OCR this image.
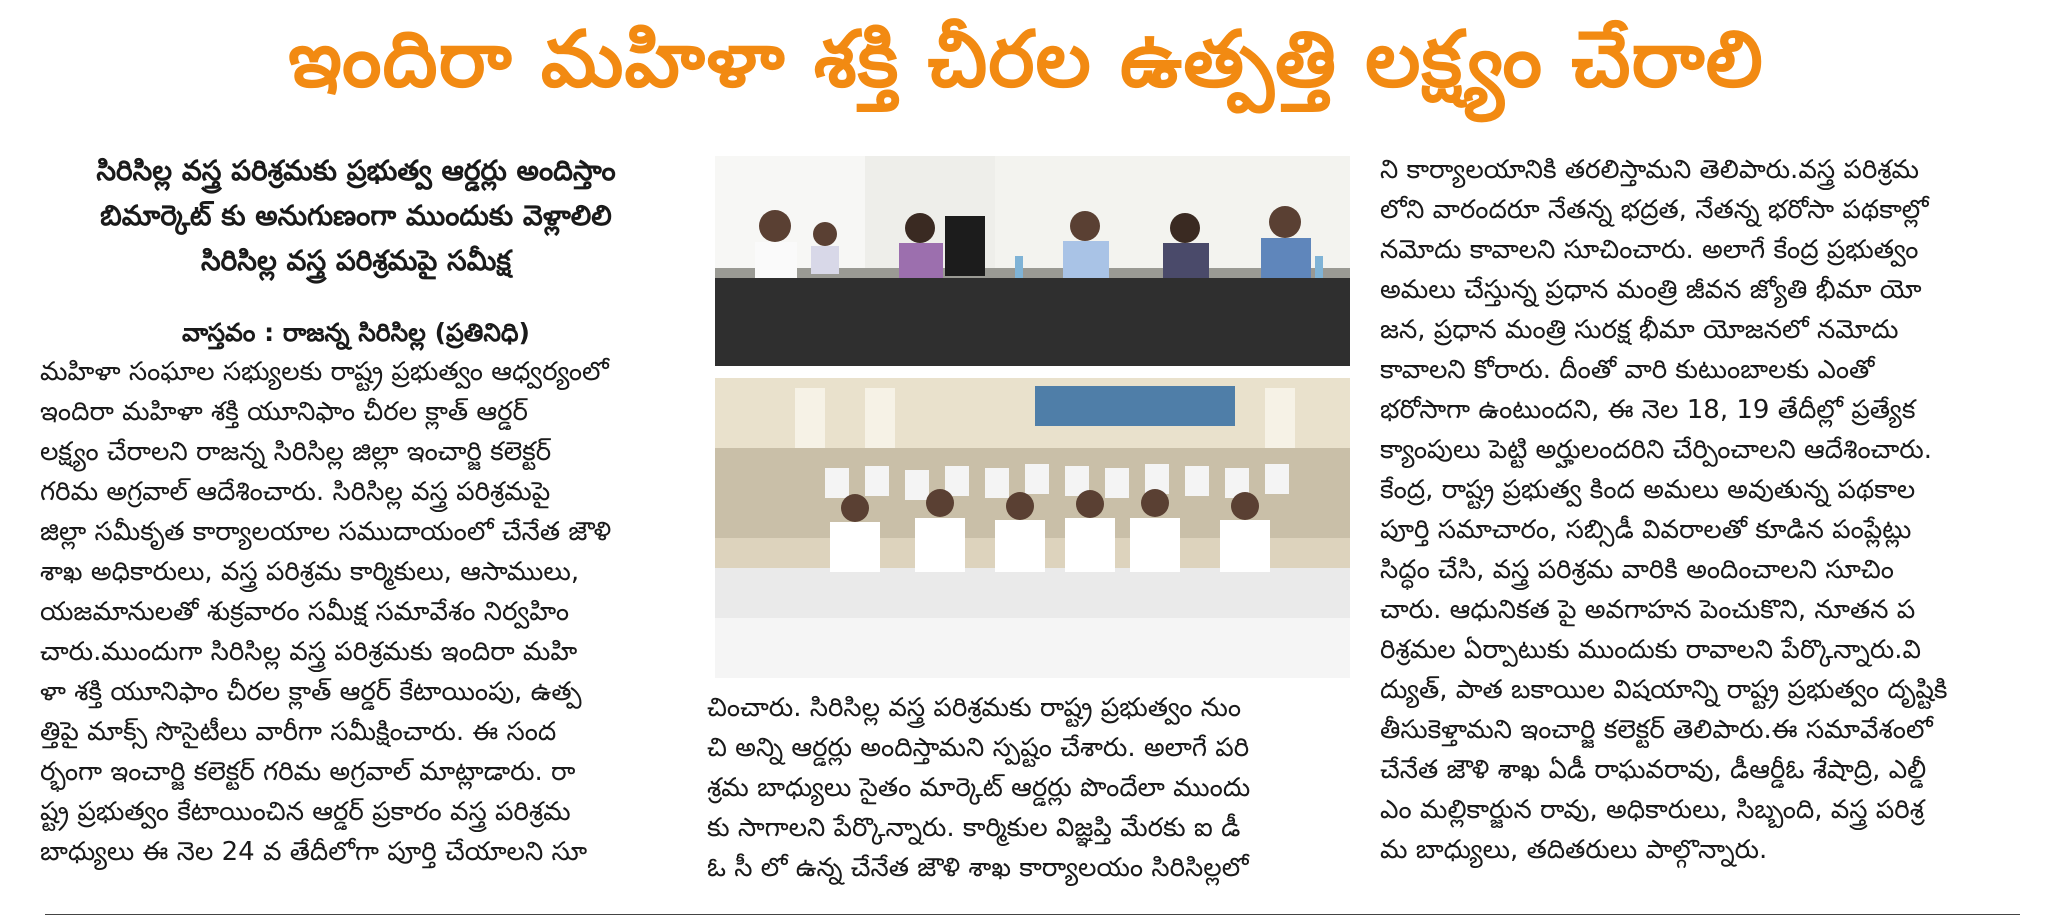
ఇందిరా మహిళా శక్తి చీరల ఉత్పత్తి లక్ష్యం చేరాలి
సిరిసిల్ల వస్త్ర పరిశ్రమకు ప్రభుత్వ ఆర్డర్లు అందిస్తాం
బిమార్కెట్ కు అనుగుణంగా ముందుకు వెళ్లాలిలి
సిరిసిల్ల వస్త్ర పరిశ్రమపై సమీక్ష
వాస్తవం : రాజన్న సిరిసిల్ల (ప్రతినిధి)
మహిళా సంఘాల సభ్యులకు రాష్ట్ర ప్రభుత్వం ఆధ్వర్యంలో
ఇందిరా మహిళా శక్తి యూనిఫాం చీరల క్లాత్ ఆర్డర్
లక్ష్యం చేరాలని రాజన్న సిరిసిల్ల జిల్లా ఇంచార్జి కలెక్టర్
గరిమ అగ్రవాల్ ఆదేశించారు. సిరిసిల్ల వస్త్ర పరిశ్రమపై
జిల్లా సమీకృత కార్యాలయాల సముదాయంలో చేనేత జౌళి
శాఖ అధికారులు, వస్త్ర పరిశ్రమ కార్మికులు, ఆసాములు,
యజమానులతో శుక్రవారం సమీక్ష సమావేశం నిర్వహిం
చారు.ముందుగా సిరిసిల్ల వస్త్ర పరిశ్రమకు ఇందిరా మహి
ళా శక్తి యూనిఫాం చీరల క్లాత్ ఆర్డర్ కేటాయింపు, ఉత్ప
త్తిపై మాక్స్ సొసైటీలు వారీగా సమీక్షించారు. ఈ సంద
ర్భంగా ఇంచార్జి కలెక్టర్ గరిమ అగ్రవాల్ మాట్లాడారు. రా
ష్ట్ర ప్రభుత్వం కేటాయించిన ఆర్డర్ ప్రకారం వస్త్ర పరిశ్రమ
బాధ్యులు ఈ నెల 24 వ తేదీలోగా పూర్తి చేయాలని సూ
చించారు. సిరిసిల్ల వస్త్ర పరిశ్రమకు రాష్ట్ర ప్రభుత్వం నుం
చి అన్ని ఆర్డర్లు అందిస్తామని స్పష్టం చేశారు. అలాగే పరి
శ్రమ బాధ్యులు సైతం మార్కెట్ ఆర్డర్లు పొందేలా ముందు
కు సాగాలని పేర్కొన్నారు. కార్మికుల విజ్ఞప్తి మేరకు ఐ డీ
ఓ సీ లో ఉన్న చేనేత జౌళి శాఖ కార్యాలయం సిరిసిల్లలో
ని కార్యాలయానికి తరలిస్తామని తెలిపారు.వస్త్ర పరిశ్రమ
లోని వారందరూ నేతన్న భద్రత, నేతన్న భరోసా పథకాల్లో
నమోదు కావాలని సూచించారు. అలాగే కేంద్ర ప్రభుత్వం
అమలు చేస్తున్న ప్రధాన మంత్రి జీవన జ్యోతి భీమా యో
జన, ప్రధాన మంత్రి సురక్ష భీమా యోజనలో నమోదు
కావాలని కోరారు. దీంతో వారి కుటుంబాలకు ఎంతో
భరోసాగా ఉంటుందని, ఈ నెల 18, 19 తేదీల్లో ప్రత్యేక
క్యాంపులు పెట్టి అర్హులందరిని చేర్పించాలని ఆదేశించారు.
కేంద్ర, రాష్ట్ర ప్రభుత్వ కింద అమలు అవుతున్న పథకాల
పూర్తి సమాచారం, సబ్సిడీ వివరాలతో కూడిన పంప్లేట్లు
సిద్ధం చేసి, వస్త్ర పరిశ్రమ వారికి అందించాలని సూచిం
చారు. ఆధునికత పై అవగాహన పెంచుకొని, నూతన ప
రిశ్రమల ఏర్పాటుకు ముందుకు రావాలని పేర్కొన్నారు.వి
ద్యుత్, పాత బకాయిల విషయాన్ని రాష్ట్ర ప్రభుత్వం దృష్టికి
తీసుకెళ్తామని ఇంచార్జి కలెక్టర్ తెలిపారు.ఈ సమావేశంలో
చేనేత జౌళి శాఖ ఏడీ రాఘవరావు, డీఆర్డీఓ శేషాద్రి, ఎల్డీ
ఎం మల్లికార్జున రావు, అధికారులు, సిబ్బంది, వస్త్ర పరిశ్ర
మ బాధ్యులు, తదితరులు పాల్గొన్నారు.
